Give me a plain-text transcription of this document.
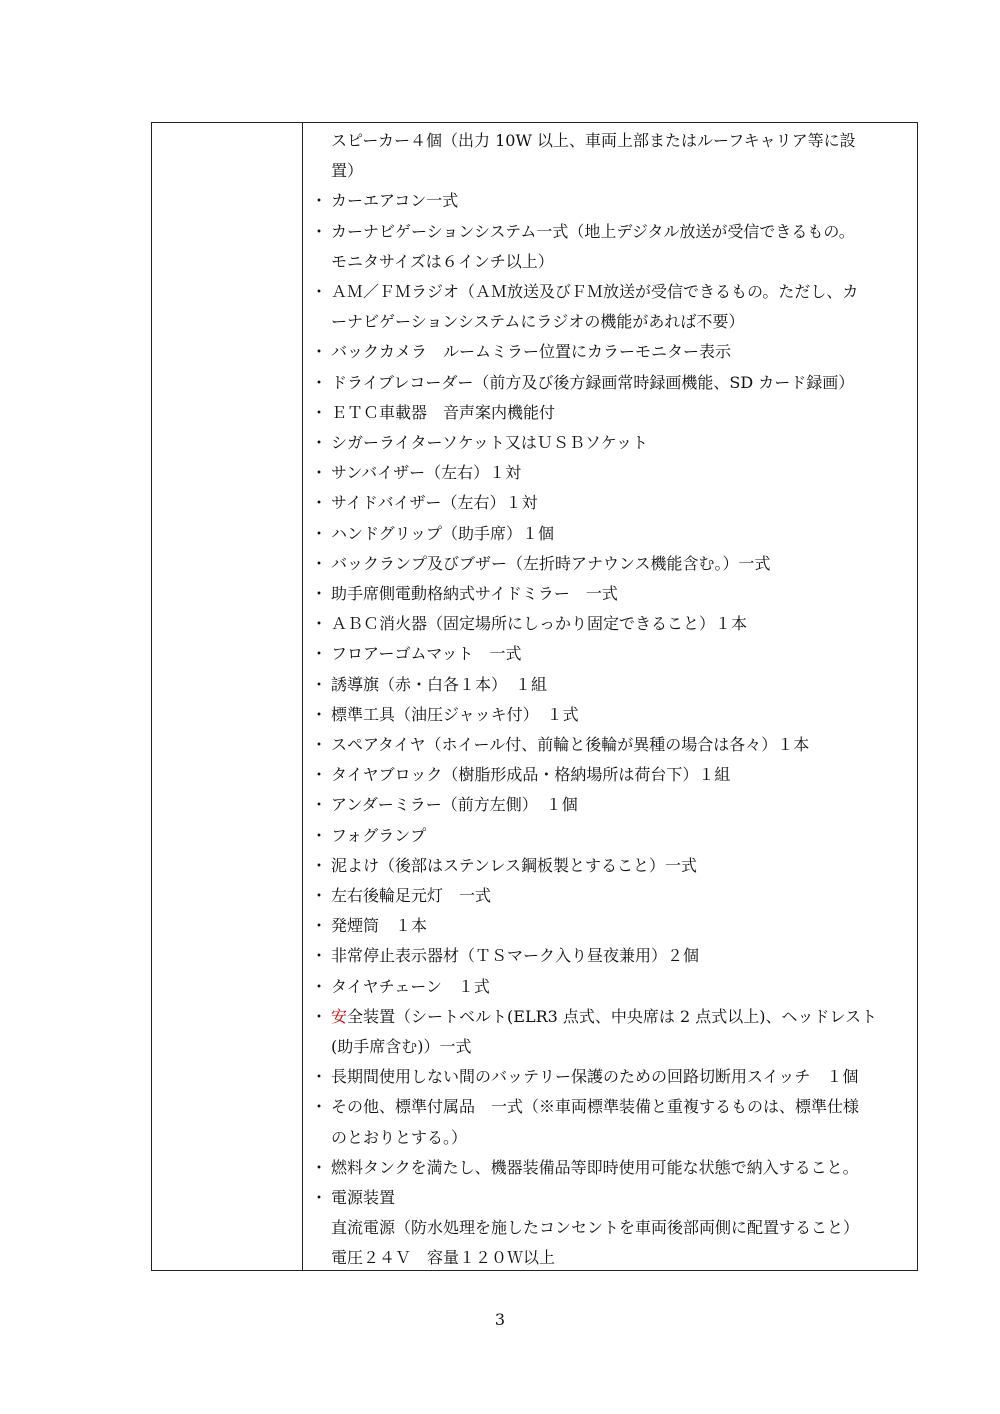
スピーカー４個（出力 10W 以上、車両上部またはルーフキャリア等に設
置）
・ カーエアコン一式
・ カーナビゲーションシステム一式（地上デジタル放送が受信できるもの。
モニタサイズは６インチ以上）
・ ＡＭ／ＦＭラジオ（ＡＭ放送及びＦＭ放送が受信できるもの。ただし、カ
ーナビゲーションシステムにラジオの機能があれば不要）
・ バックカメラ　ルームミラー位置にカラーモニター表示
・ ドライブレコーダー（前方及び後方録画常時録画機能、SD カード録画）
・ ＥＴＣ車載器　音声案内機能付
・ シガーライターソケット又はＵＳＢソケット
・ サンバイザー（左右）１対
・ サイドバイザー（左右）１対
・ ハンドグリップ（助手席）１個
・ バックランプ及びブザー（左折時アナウンス機能含む。）一式
・ 助手席側電動格納式サイドミラー　一式
・ ＡＢＣ消火器（固定場所にしっかり固定できること）１本
・ フロアーゴムマット　一式
・ 誘導旗（赤・白各１本）　１組
・ 標準工具（油圧ジャッキ付）　１式
・ スペアタイヤ（ホイール付、前輪と後輪が異種の場合は各々）１本
・ タイヤブロック（樹脂形成品・格納場所は荷台下）１組
・ アンダーミラー（前方左側）　１個
・ フォグランプ
・ 泥よけ（後部はステンレス鋼板製とすること）一式
・ 左右後輪足元灯　一式
・ 発煙筒　１本
・ 非常停止表示器材（ＴＳマーク入り昼夜兼用）２個
・ タイヤチェーン　１式
・ 安全装置（シートベルト(ELR3 点式、中央席は 2 点式以上)、ヘッドレスト
(助手席含む)）一式
・ 長期間使用しない間のバッテリー保護のための回路切断用スイッチ　１個
・ その他、標準付属品　一式（※車両標準装備と重複するものは、標準仕様
のとおりとする。）
・ 燃料タンクを満たし、機器装備品等即時使用可能な状態で納入すること。
・ 電源装置
直流電源（防水処理を施したコンセントを車両後部両側に配置すること）
電圧２４Ｖ　容量１２０Ｗ以上
3
